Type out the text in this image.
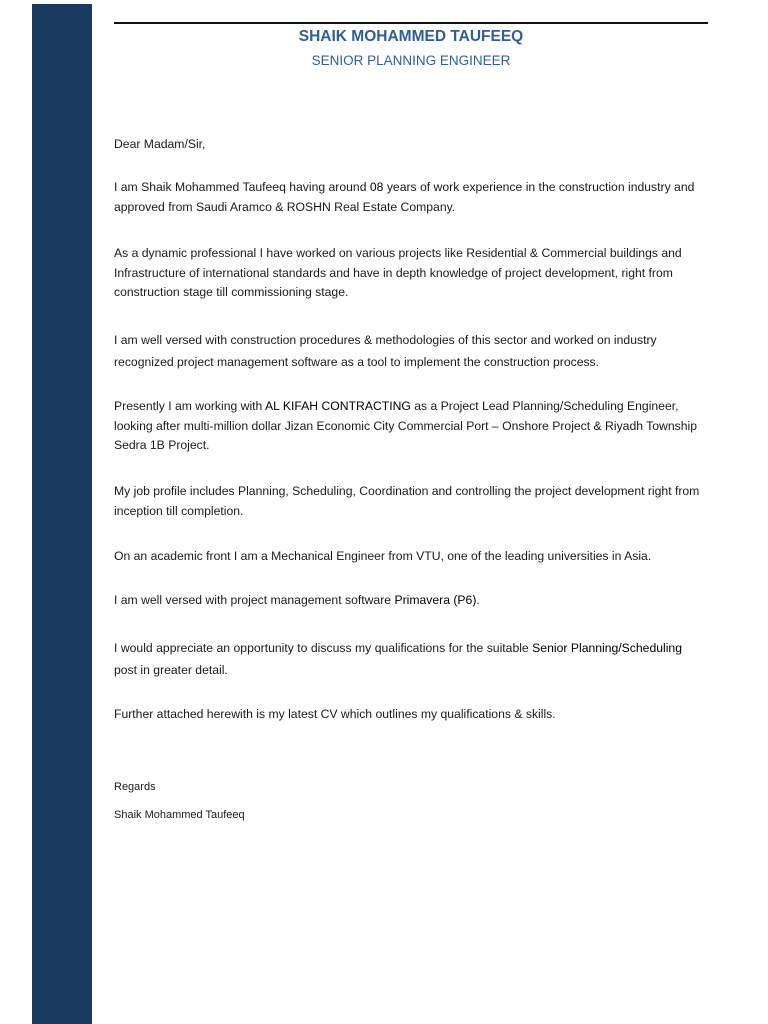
SHAIK MOHAMMED TAUFEEQ
SENIOR PLANNING ENGINEER
Dear Madam/Sir,
I am Shaik Mohammed Taufeeq having around 08 years of work experience in the construction industry and approved from Saudi Aramco & ROSHN Real Estate Company.
As a dynamic professional I have worked on various projects like Residential & Commercial buildings and Infrastructure of international standards and have in depth knowledge of project development, right from construction stage till commissioning stage.
I am well versed with construction procedures & methodologies of this sector and worked on industry recognized project management software as a tool to implement the construction process.
Presently I am working with AL KIFAH CONTRACTING as a Project Lead Planning/Scheduling Engineer, looking after multi-million dollar Jizan Economic City Commercial Port – Onshore Project & Riyadh Township Sedra 1B Project.
My job profile includes Planning, Scheduling, Coordination and controlling the project development right from inception till completion.
On an academic front I am a Mechanical Engineer from VTU, one of the leading universities in Asia.
I am well versed with project management software Primavera (P6).
I would appreciate an opportunity to discuss my qualifications for the suitable Senior Planning/Scheduling post in greater detail.
Further attached herewith is my latest CV which outlines my qualifications & skills.
Regards
Shaik Mohammed Taufeeq
